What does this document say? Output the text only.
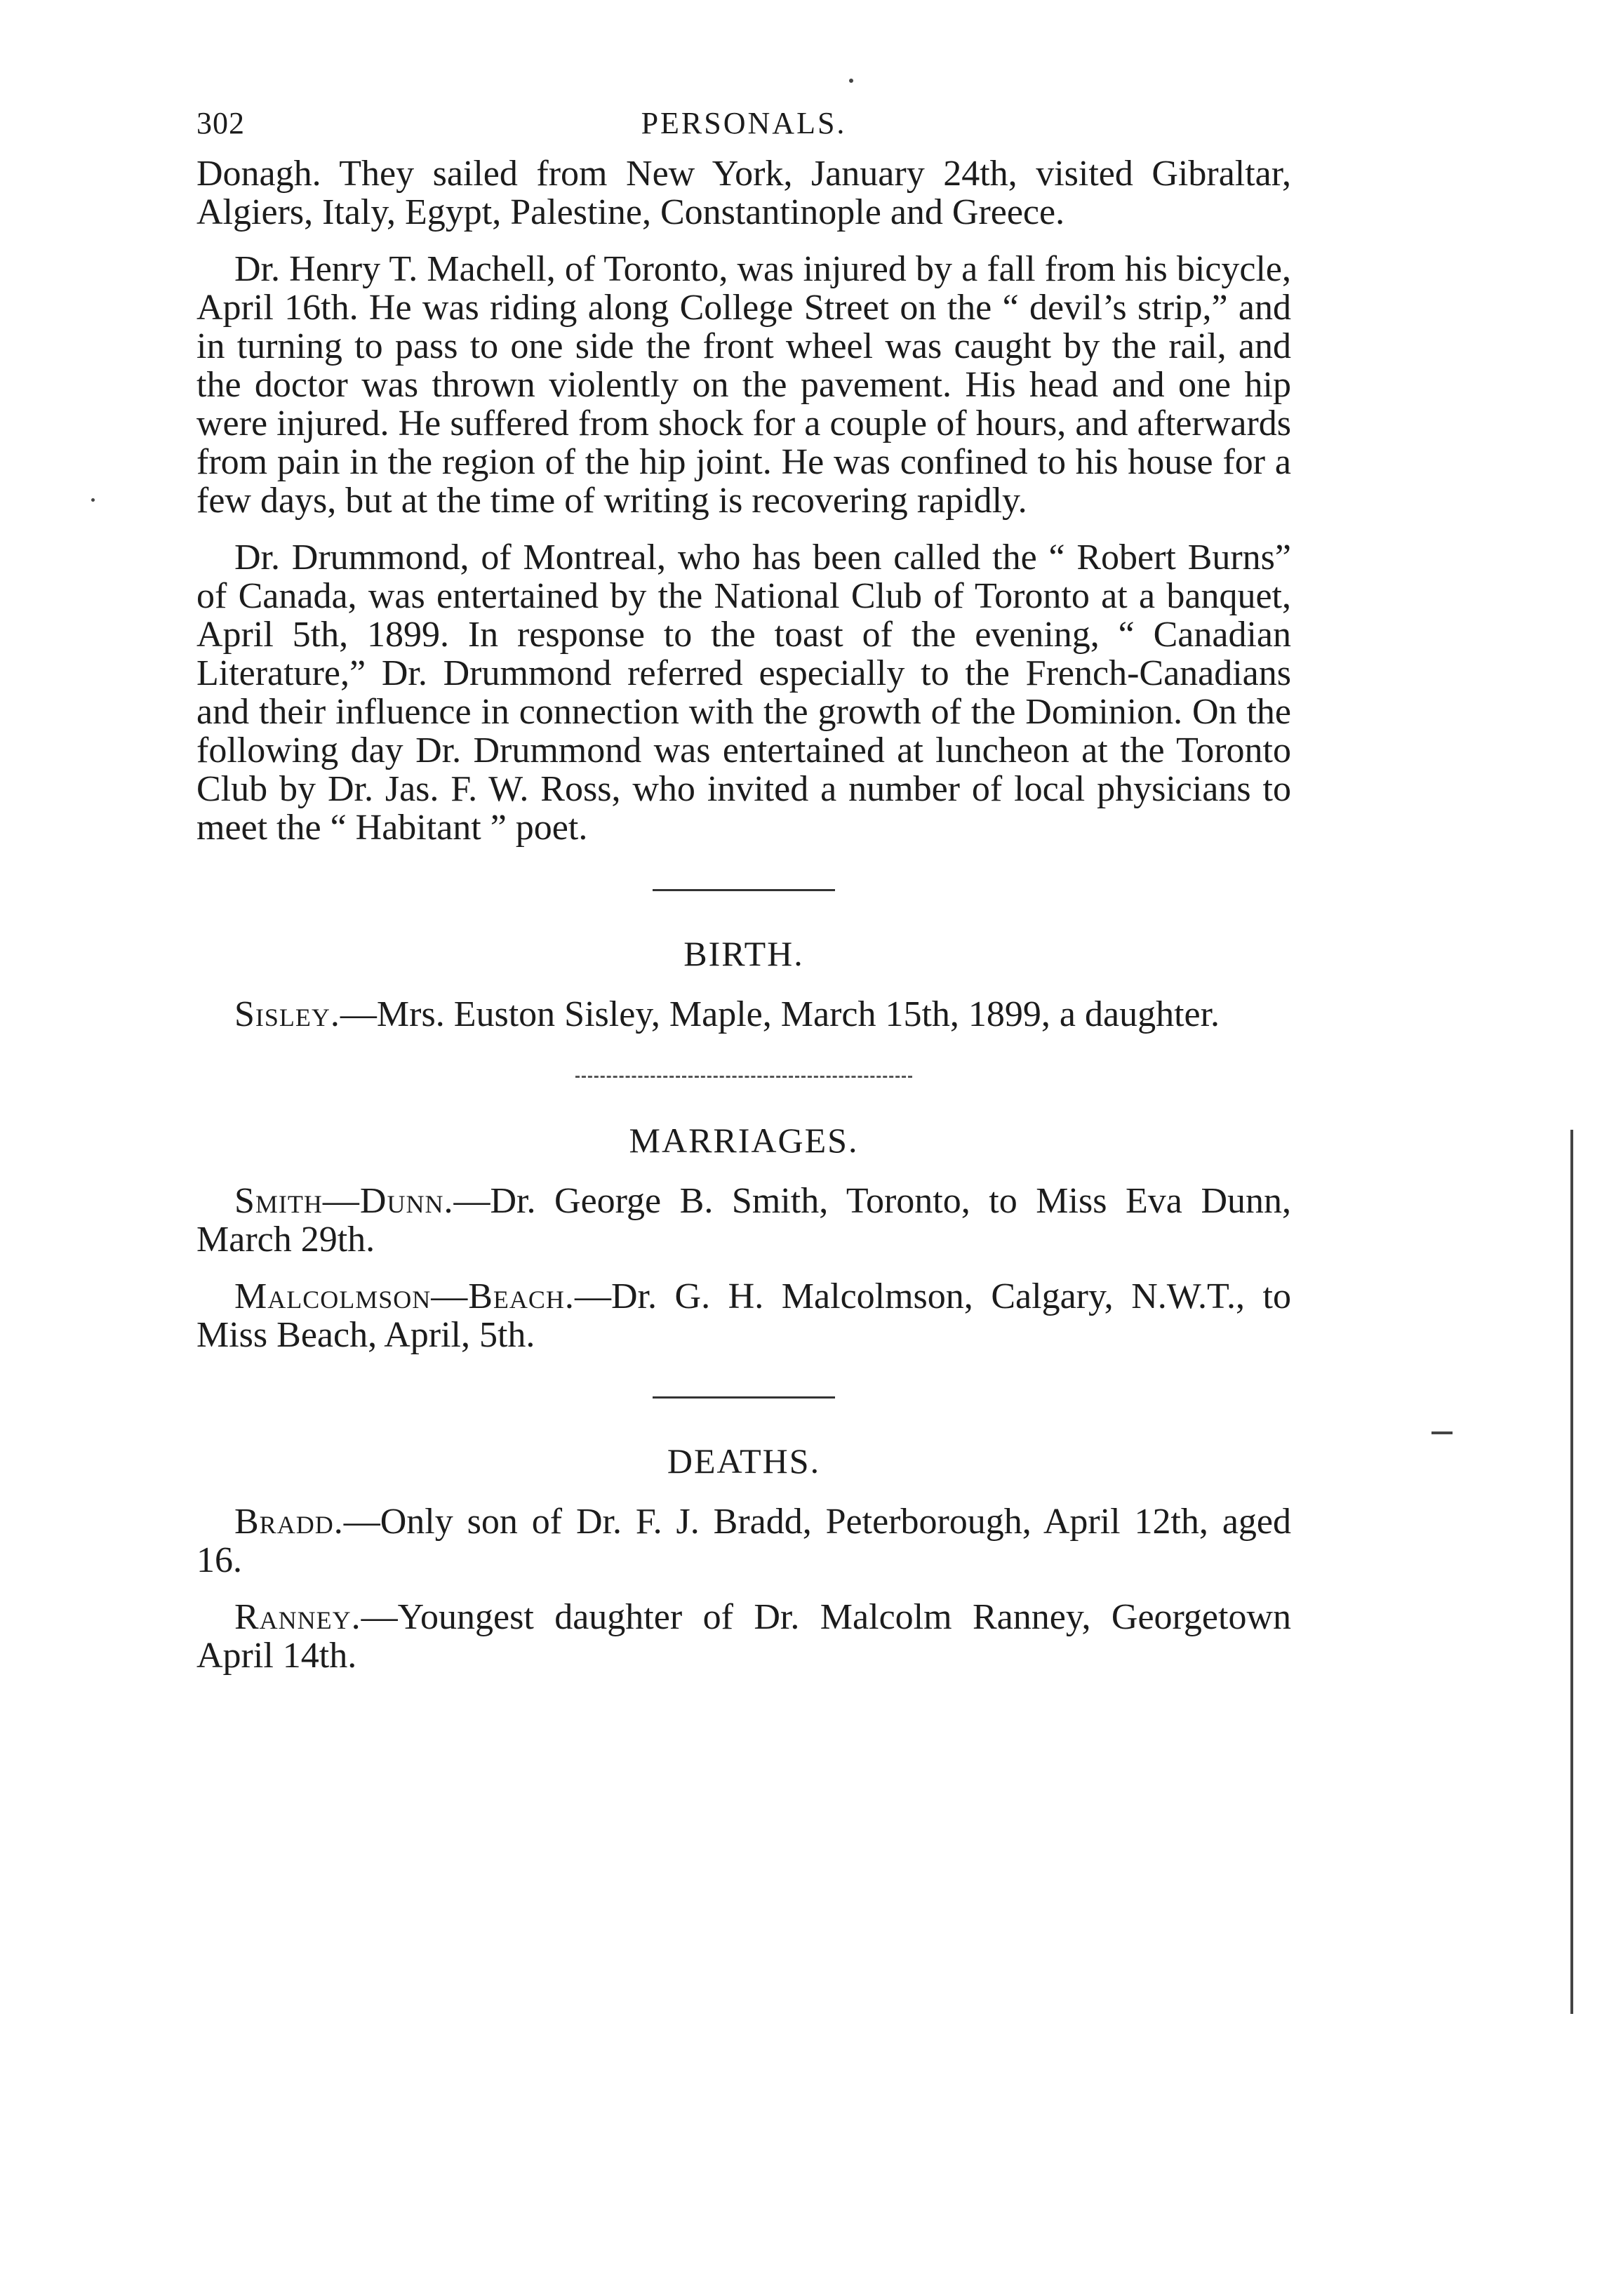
302	PERSONALS.

Donagh. They sailed from New York, January 24th, visited Gibraltar, Algiers, Italy, Egypt, Palestine, Constantinople and Greece.

Dr. Henry T. Machell, of Toronto, was injured by a fall from his bicycle, April 16th. He was riding along College Street on the “ devil’s strip,” and in turning to pass to one side the front wheel was caught by the rail, and the doctor was thrown violently on the pavement. His head and one hip were injured. He suffered from shock for a couple of hours, and afterwards from pain in the region of the hip joint. He was confined to his house for a few days, but at the time of writing is recovering rapidly.

Dr. Drummond, of Montreal, who has been called the “ Robert Burns” of Canada, was entertained by the National Club of Toronto at a banquet, April 5th, 1899. In response to the toast of the evening, “ Canadian Literature,” Dr. Drummond referred especially to the French-Canadians and their influence in connection with the growth of the Dominion. On the following day Dr. Drummond was entertained at luncheon at the Toronto Club by Dr. Jas. F. W. Ross, who invited a number of local physicians to meet the “ Habitant ” poet.

BIRTH.

Sisley.—Mrs. Euston Sisley, Maple, March 15th, 1899, a daughter.

MARRIAGES.

Smith—Dunn.—Dr. George B. Smith, Toronto, to Miss Eva Dunn, March 29th.

Malcolmson—Beach.—Dr. G. H. Malcolmson, Calgary, N.W.T., to Miss Beach, April, 5th.

DEATHS.

Bradd.—Only son of Dr. F. J. Bradd, Peterborough, April 12th, aged 16.

Ranney.—Youngest daughter of Dr. Malcolm Ranney, Georgetown April 14th.
